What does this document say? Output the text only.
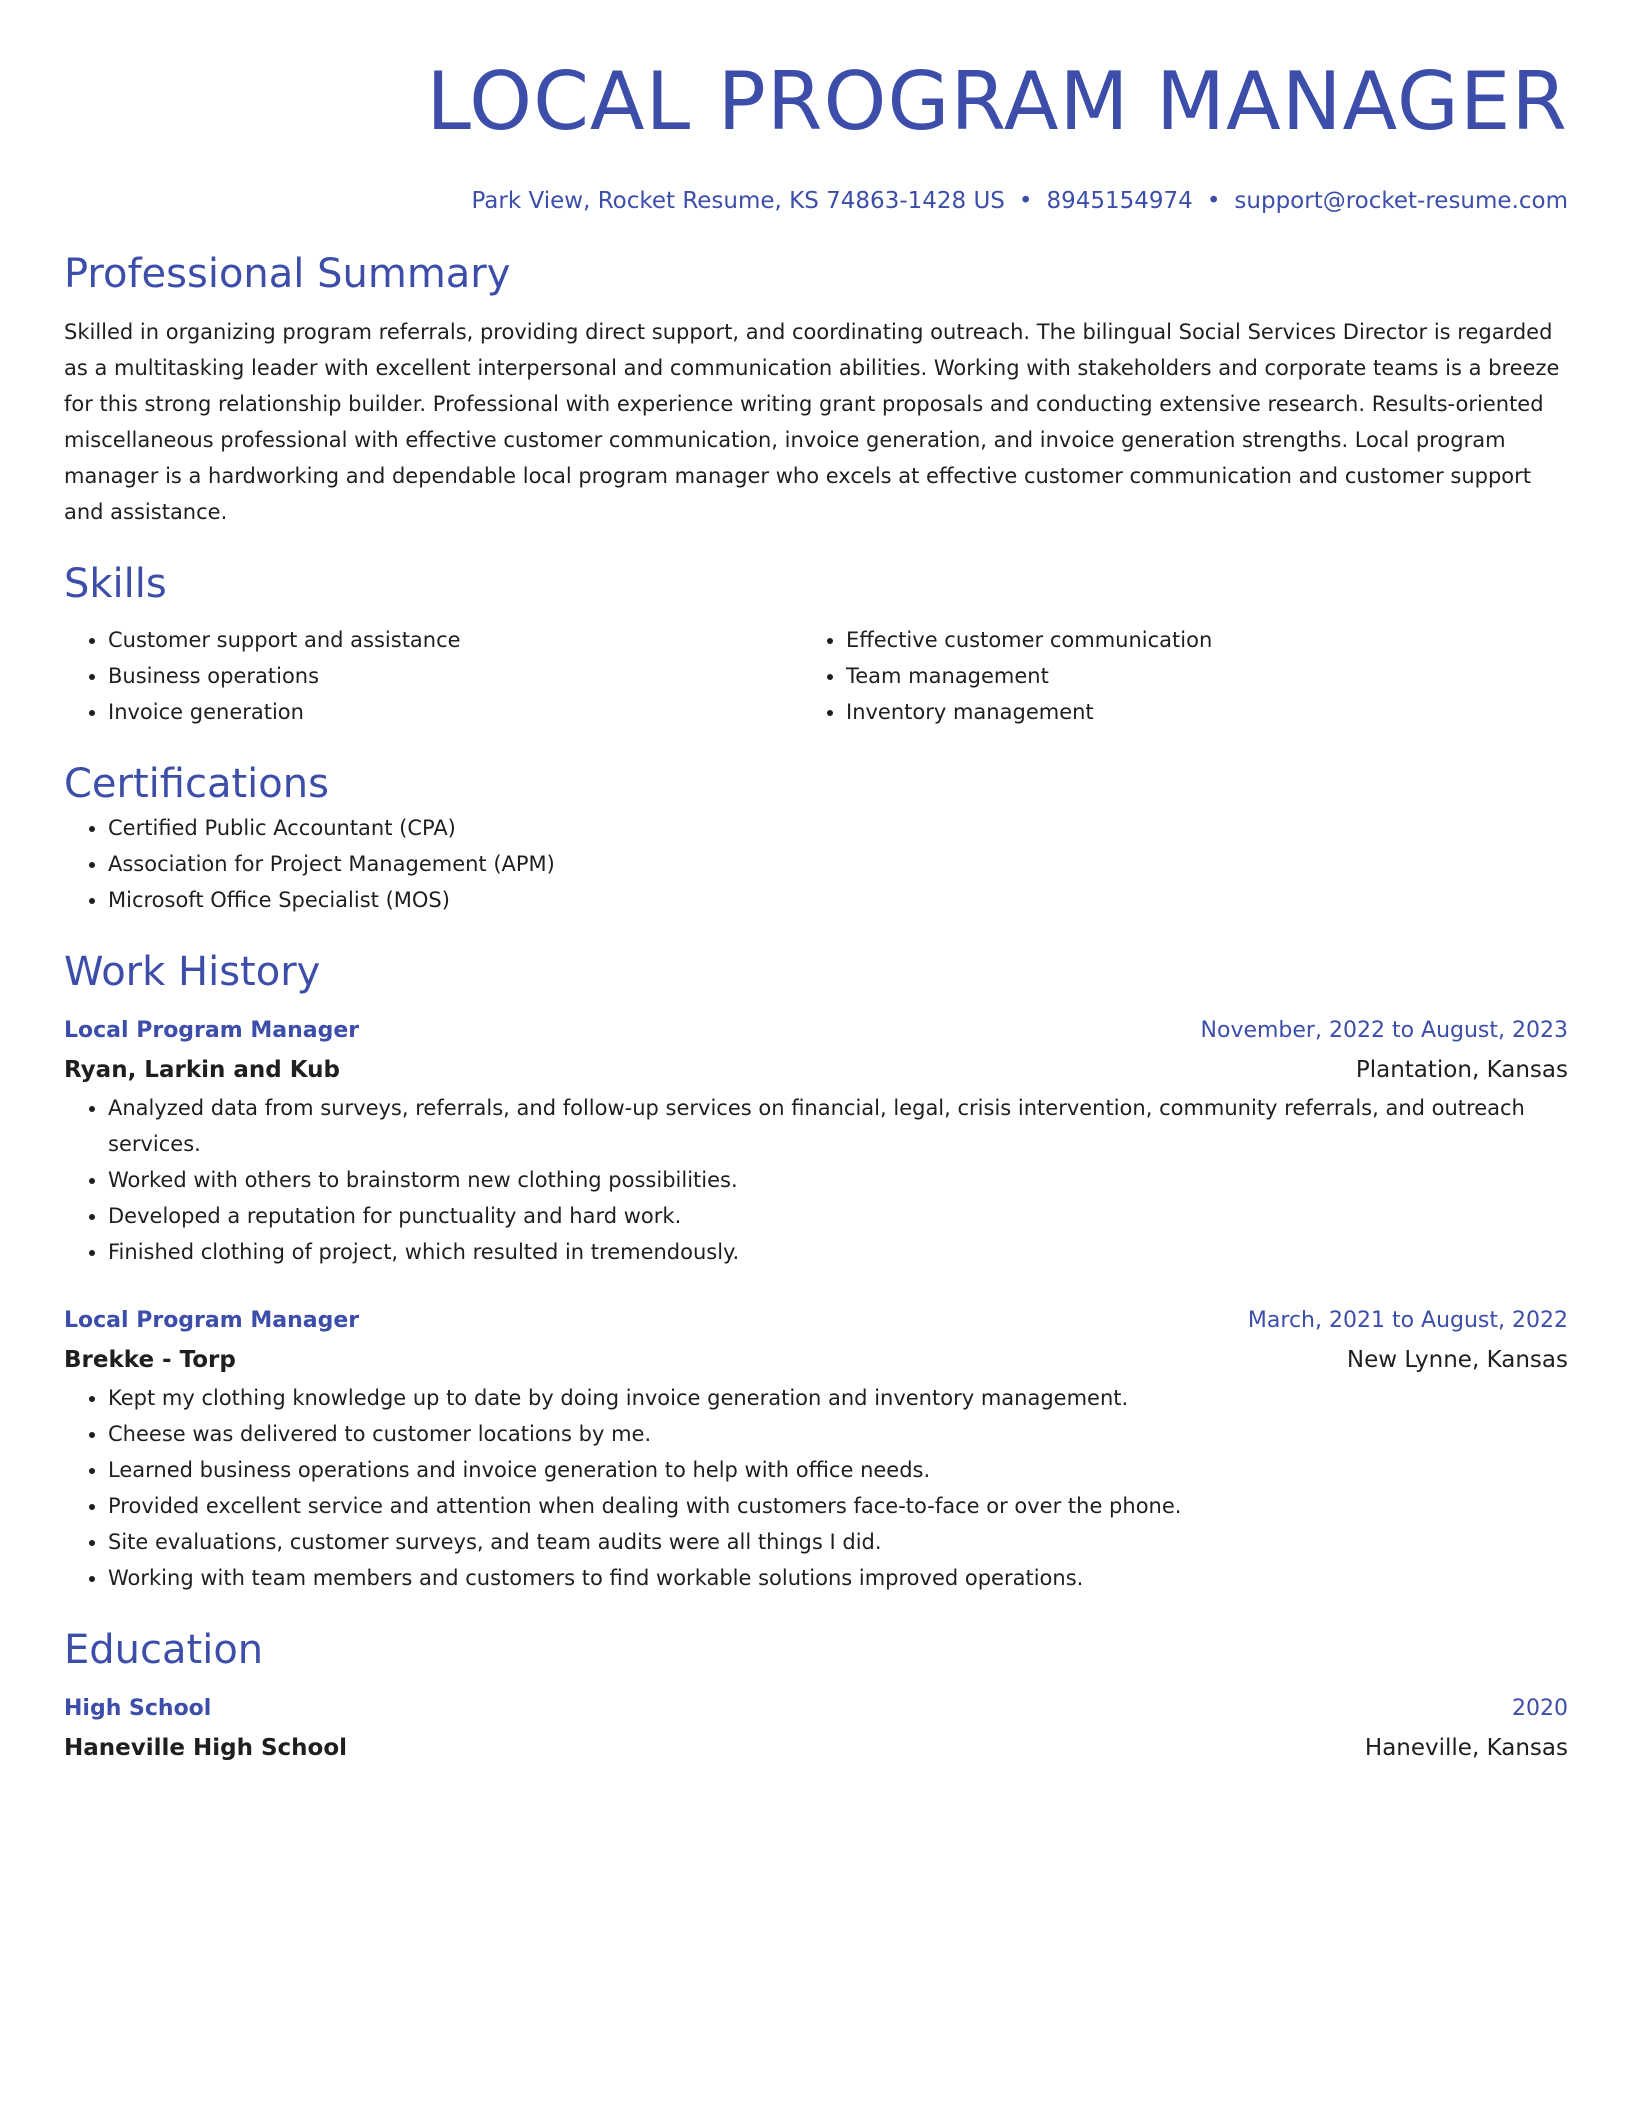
LOCAL PROGRAM MANAGER
Park View, Rocket Resume, KS 74863-1428 US • 8945154974 • support@rocket-resume.com
Professional Summary
Skilled in organizing program referrals, providing direct support, and coordinating outreach. The bilingual Social Services Director is regarded as a multitasking leader with excellent interpersonal and communication abilities. Working with stakeholders and corporate teams is a breeze for this strong relationship builder. Professional with experience writing grant proposals and conducting extensive research. Results-oriented miscellaneous professional with effective customer communication, invoice generation, and invoice generation strengths. Local program manager is a hardworking and dependable local program manager who excels at effective customer communication and customer support and assistance.
Skills
• Customer support and assistance
• Business operations
• Invoice generation
• Effective customer communication
• Team management
• Inventory management
Certifications
• Certified Public Accountant (CPA)
• Association for Project Management (APM)
• Microsoft Office Specialist (MOS)
Work History
Local Program Manager	November, 2022 to August, 2023
Ryan, Larkin and Kub	Plantation, Kansas
• Analyzed data from surveys, referrals, and follow-up services on financial, legal, crisis intervention, community referrals, and outreach services.
• Worked with others to brainstorm new clothing possibilities.
• Developed a reputation for punctuality and hard work.
• Finished clothing of project, which resulted in tremendously.
Local Program Manager	March, 2021 to August, 2022
Brekke - Torp	New Lynne, Kansas
• Kept my clothing knowledge up to date by doing invoice generation and inventory management.
• Cheese was delivered to customer locations by me.
• Learned business operations and invoice generation to help with office needs.
• Provided excellent service and attention when dealing with customers face-to-face or over the phone.
• Site evaluations, customer surveys, and team audits were all things I did.
• Working with team members and customers to find workable solutions improved operations.
Education
High School	2020
Haneville High School	Haneville, Kansas
